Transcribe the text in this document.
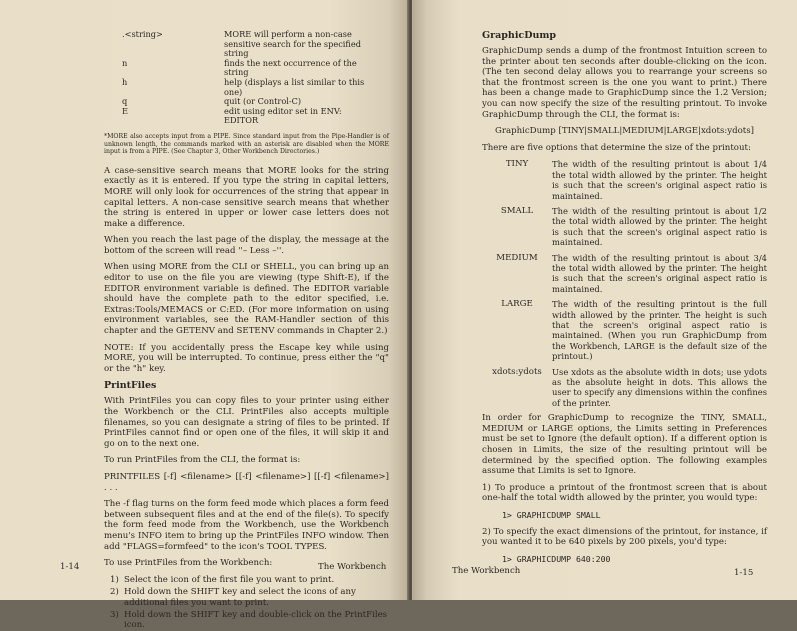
.<string>	MORE will perform a non-case sensitive search for the specified string
n	finds the next occurrence of the string
h	help (displays a list similar to this one)
q	quit (or Control-C)
E	edit using editor set in ENV: EDITOR

*MORE also accepts input from a PIPE. Since standard input from the Pipe-Handler is of unknown length, the commands marked with an asterisk are disabled when the MORE input is from a PIPE. (See Chapter 3, Other Workbench Directories.)

A case-sensitive search means that MORE looks for the string exactly as it is entered. If you type the string in capital letters, MORE will only look for occurrences of the string that appear in capital letters. A non-case sensitive search means that whether the string is entered in upper or lower case letters does not make a difference.

When you reach the last page of the display, the message at the bottom of the screen will read ''– Less –''.

When using MORE from the CLI or SHELL, you can bring up an editor to use on the file you are viewing (type Shift-E), if the EDITOR environment variable is defined. The EDITOR variable should have the complete path to the editor specified, i.e. Extras:Tools/MEMACS or C:ED. (For more information on using environment variables, see the RAM-Handler section of this chapter and the GETENV and SETENV commands in Chapter 2.)

NOTE: If you accidentally press the Escape key while using MORE, you will be interrupted. To continue, press either the "q" or the "h" key.

PrintFiles

With PrintFiles you can copy files to your printer using either the Workbench or the CLI. PrintFiles also accepts multiple filenames, so you can designate a string of files to be printed. If PrintFiles cannot find or open one of the files, it will skip it and go on to the next one.

To run PrintFiles from the CLI, the format is:

PRINTFILES [-f] <filename> [[-f] <filename>] [[-f] <filename>] . . .

The -f flag turns on the form feed mode which places a form feed between subsequent files and at the end of the file(s). To specify the form feed mode from the Workbench, use the Workbench menu's INFO item to bring up the PrintFiles INFO window. Then add "FLAGS=formfeed" to the icon's TOOL TYPES.

To use PrintFiles from the Workbench:

1) Select the icon of the first file you want to print.
2) Hold down the SHIFT key and select the icons of any additional files you want to print.
3) Hold down the SHIFT key and double-click on the PrintFiles icon.
1-14	The Workbench
GraphicDump

GraphicDump sends a dump of the frontmost Intuition screen to the printer about ten seconds after double-clicking on the icon. (The ten second delay allows you to rearrange your screens so that the frontmost screen is the one you want to print.) There has been a change made to GraphicDump since the 1.2 Version; you can now specify the size of the resulting printout. To invoke GraphicDump through the CLI, the format is:

GraphicDump [TINY|SMALL|MEDIUM|LARGE|xdots:ydots]

There are five options that determine the size of the printout:

TINY	The width of the resulting printout is about 1/4 the total width allowed by the printer. The height is such that the screen's original aspect ratio is maintained.
SMALL	The width of the resulting printout is about 1/2 the total width allowed by the printer. The height is such that the screen's original aspect ratio is maintained.
MEDIUM	The width of the resulting printout is about 3/4 the total width allowed by the printer. The height is such that the screen's original aspect ratio is maintained.
LARGE	The width of the resulting printout is the full width allowed by the printer. The height is such that the screen's original aspect ratio is maintained. (When you run GraphicDump from the Workbench, LARGE is the default size of the printout.)
xdots:ydots	Use xdots as the absolute width in dots; use ydots as the absolute height in dots. This allows the user to specify any dimensions within the confines of the printer.

In order for GraphicDump to recognize the TINY, SMALL, MEDIUM or LARGE options, the Limits setting in Preferences must be set to Ignore (the default option). If a different option is chosen in Limits, the size of the resulting printout will be determined by the specified option. The following examples assume that Limits is set to Ignore.

1) To produce a printout of the frontmost screen that is about one-half the total width allowed by the printer, you would type:

1> GRAPHICDUMP SMALL

2) To specify the exact dimensions of the printout, for instance, if you wanted it to be 640 pixels by 200 pixels, you'd type:

1> GRAPHICDUMP 640:200

The Workbench	1-15
